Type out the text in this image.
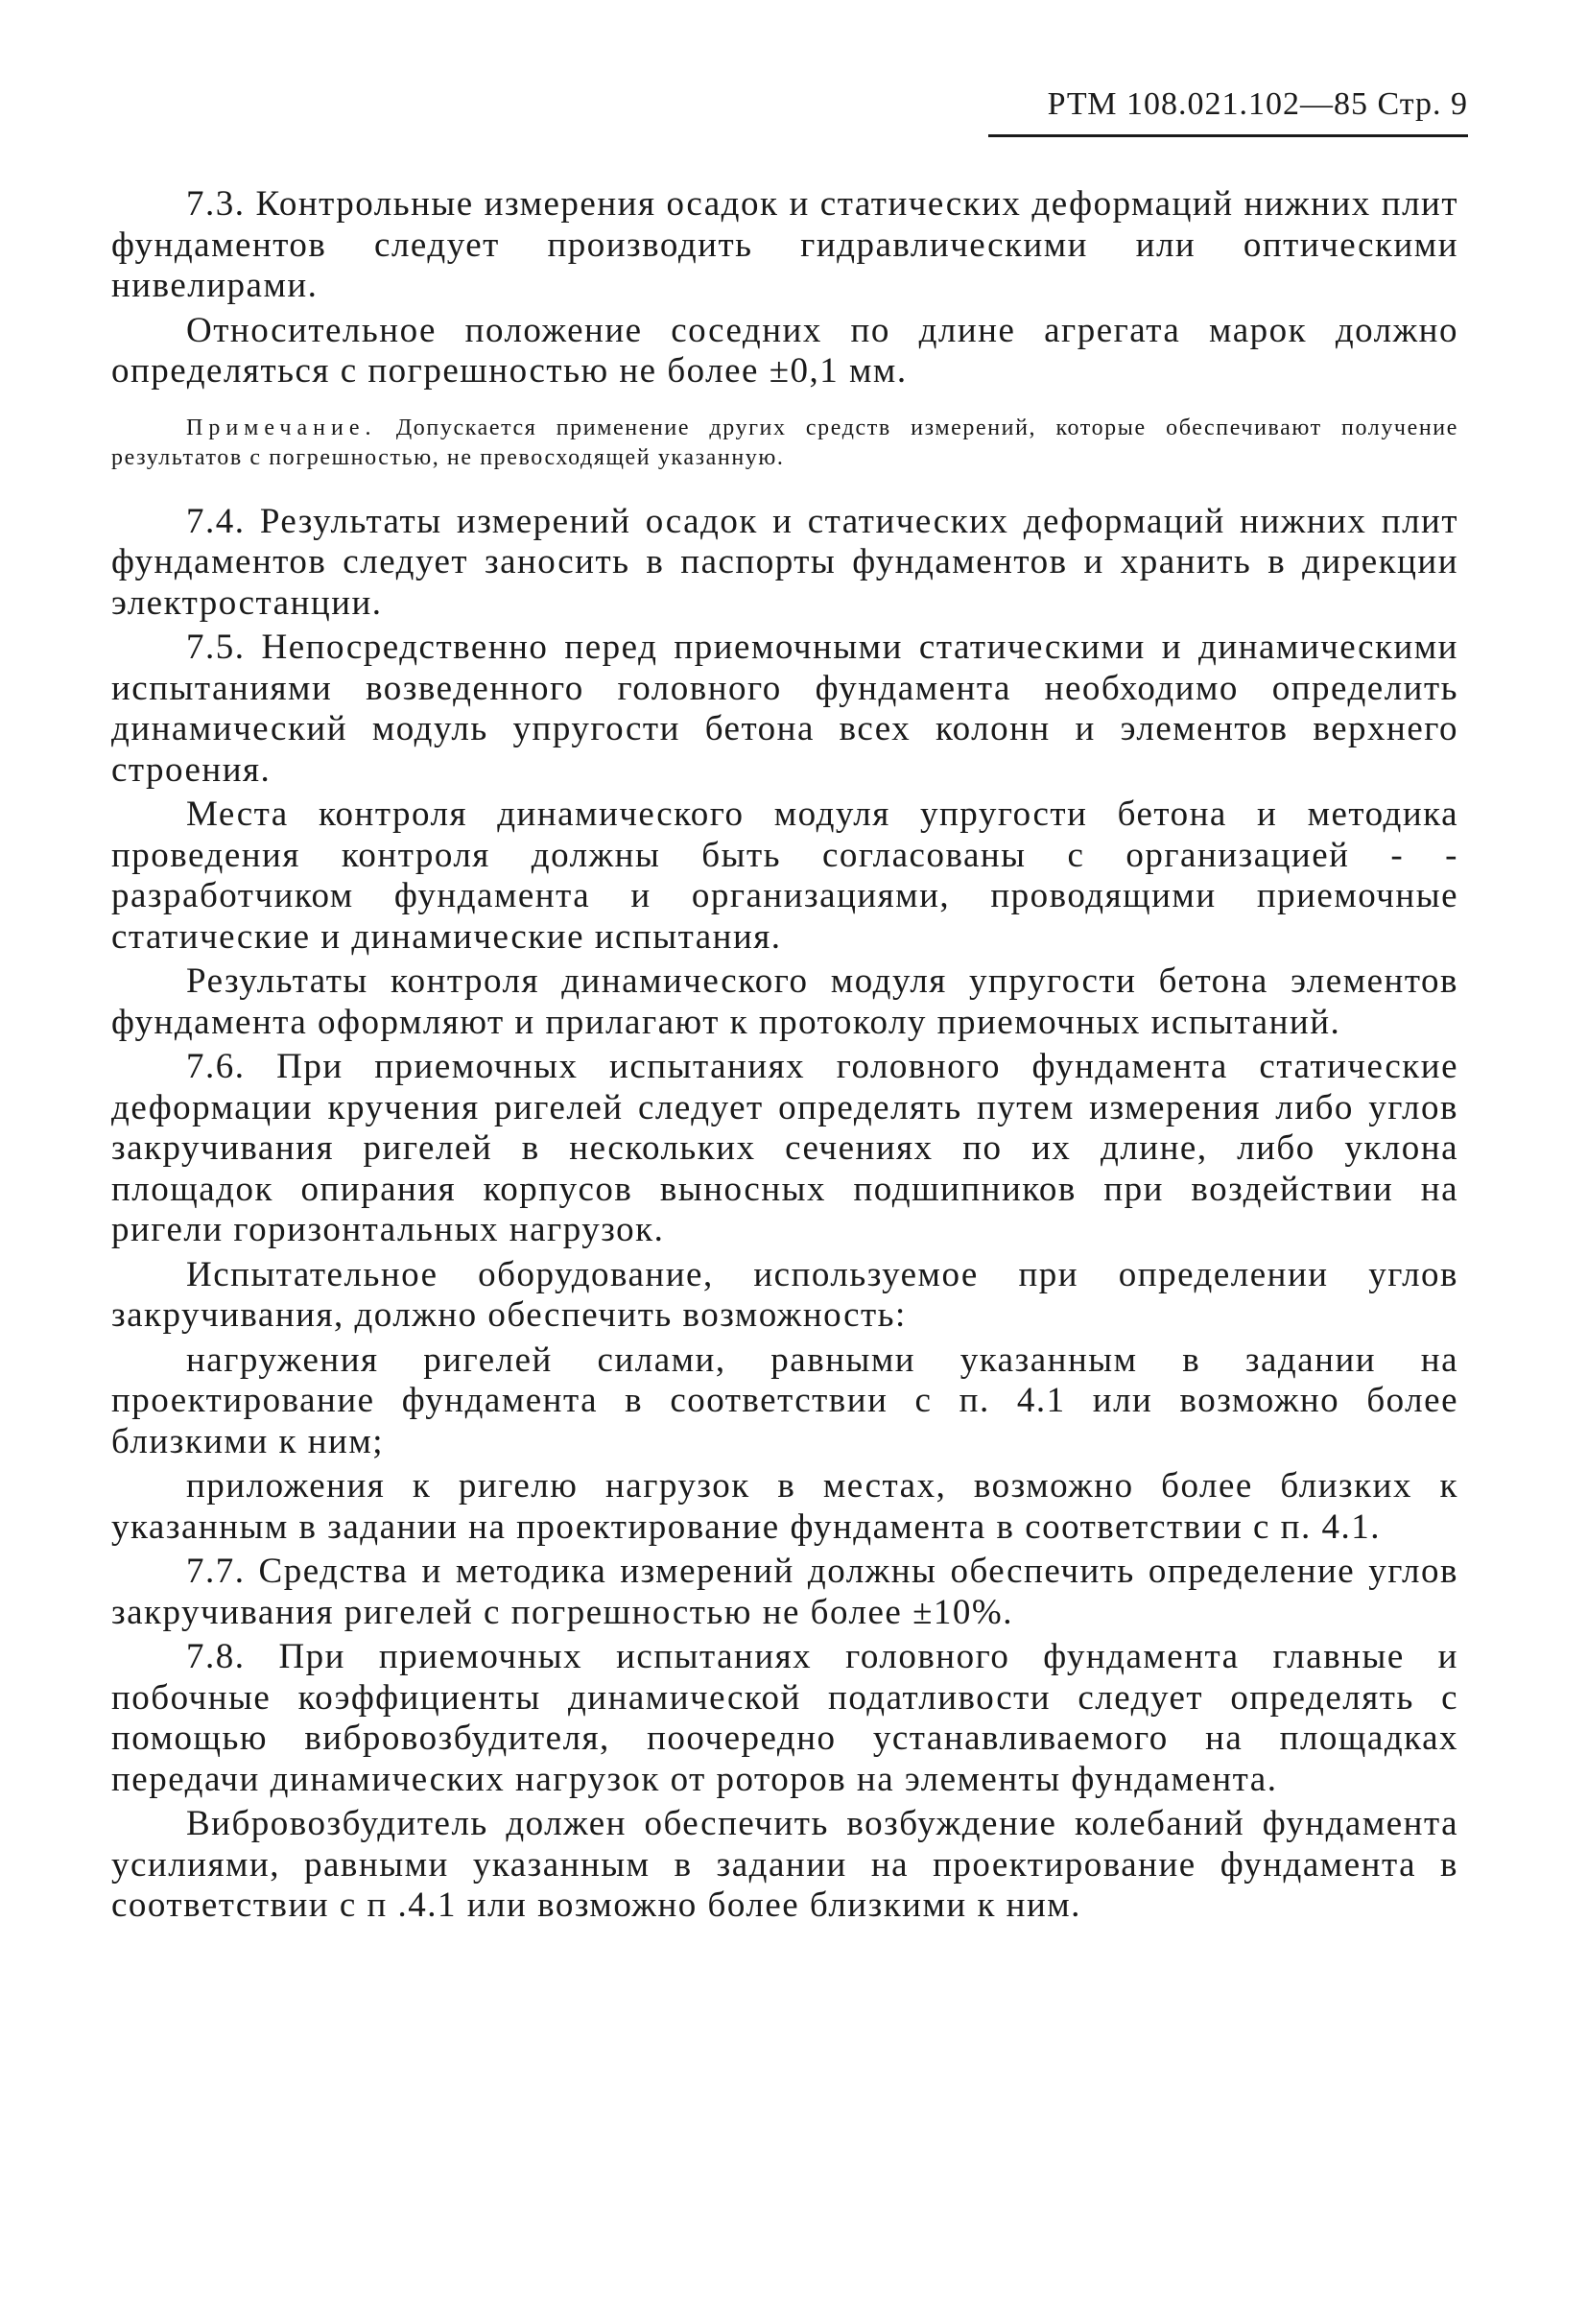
РТМ 108.021.102—85 Стр. 9

7.3. Контрольные измерения осадок и статических деформаций нижних плит фундаментов следует производить гидравлическими или оптическими нивелирами.

Относительное положение соседних по длине агрегата марок должно определяться с погрешностью не более ±0,1 мм.

Примечание. Допускается применение других средств измерений, которые обеспечивают получение результатов с погрешностью, не превосходящей указанную.

7.4. Результаты измерений осадок и статических деформаций нижних плит фундаментов следует заносить в паспорты фундаментов и хранить в дирекции электростанции.

7.5. Непосредственно перед приемочными статическими и динамическими испытаниями возведенного головного фундамента необходимо определить динамический модуль упругости бетона всех колонн и элементов верхнего строения.

Места контроля динамического модуля упругости бетона и методика проведения контроля должны быть согласованы с организацией - - разработчиком фундамента и организациями, проводящими приемочные статические и динамические испытания.

Результаты контроля динамического модуля упругости бетона элементов фундамента оформляют и прилагают к протоколу приемочных испытаний.

7.6. При приемочных испытаниях головного фундамента статические деформации кручения ригелей следует определять путем измерения либо углов закручивания ригелей в нескольких сечениях по их длине, либо уклона площадок опирания корпусов выносных подшипников при воздействии на ригели горизонтальных нагрузок.

Испытательное оборудование, используемое при определении углов закручивания, должно обеспечить возможность:

нагружения ригелей силами, равными указанным в задании на проектирование фундамента в соответствии с п. 4.1 или возможно более близкими к ним;

приложения к ригелю нагрузок в местах, возможно более близких к указанным в задании на проектирование фундамента в соответствии с п. 4.1.

7.7. Средства и методика измерений должны обеспечить определение углов закручивания ригелей с погрешностью не более ±10%.

7.8. При приемочных испытаниях головного фундамента главные и побочные коэффициенты динамической податливости следует определять с помощью вибровозбудителя, поочередно устанавливаемого на площадках передачи динамических нагрузок от роторов на элементы фундамента.

Вибровозбудитель должен обеспечить возбуждение колебаний фундамента усилиями, равными указанным в задании на проектирование фундамента в соответствии с п .4.1 или возможно более близкими к ним.
